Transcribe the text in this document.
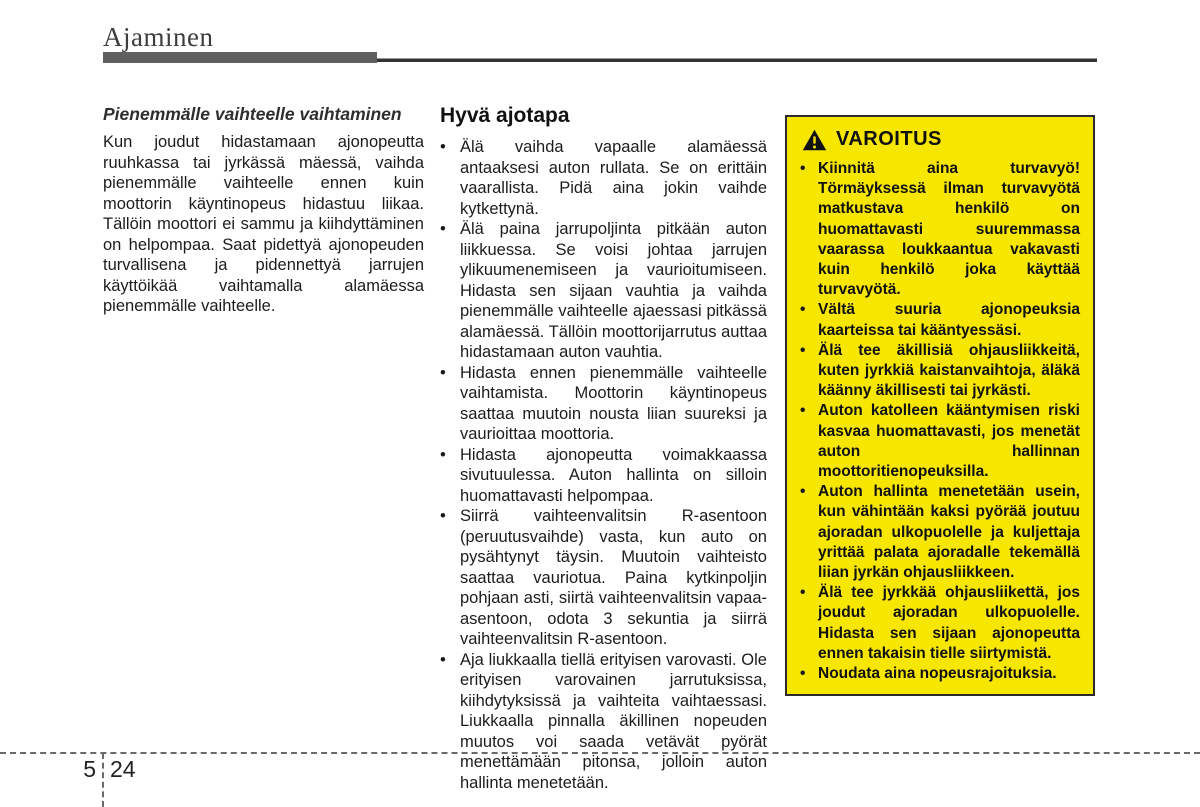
Ajaminen
Pienemmälle vaihteelle vaihtaminen

Kun joudut hidastamaan ajonopeutta ruuhkassa tai jyrkässä mäessä, vaihda pienemmälle vaihteelle ennen kuin moottorin käyntinopeus hidastuu liikaa. Tällöin moottori ei sammu ja kiihdyttäminen on helpompaa. Saat pidettyä ajonopeuden turvallisena ja pidennettyä jarrujen käyttöikää vaihtamalla alamäessa pienemmälle vaihteelle.

Hyvä ajotapa
• Älä vaihda vapaalle alamäessä antaaksesi auton rullata. Se on erittäin vaarallista. Pidä aina jokin vaihde kytkettynä.
• Älä paina jarrupoljinta pitkään auton liikkuessa. Se voisi johtaa jarrujen ylikuumenemiseen ja vaurioitumiseen. Hidasta sen sijaan vauhtia ja vaihda pienemmälle vaihteelle ajaessasi pitkässä alamäessä. Tällöin moottorijarrutus auttaa hidastamaan auton vauhtia.
• Hidasta ennen pienemmälle vaihteelle vaihtamista. Moottorin käyntinopeus saattaa muutoin nousta liian suureksi ja vaurioittaa moottoria.
• Hidasta ajonopeutta voimakkaassa sivutuulessa. Auton hallinta on silloin huomattavasti helpompaa.
• Siirrä vaihteenvalitsin R-asentoon (peruutusvaihde) vasta, kun auto on pysähtynyt täysin. Muutoin vaihteisto saattaa vauriotua. Paina kytkinpoljin pohjaan asti, siirtä vaihteenvalitsin vapaa-asentoon, odota 3 sekuntia ja siirrä vaihteenvalitsin R-asentoon.
• Aja liukkaalla tiellä erityisen varovasti. Ole erityisen varovainen jarrutuksissa, kiihdytyksissä ja vaihteita vaihtaessasi. Liukkaalla pinnalla äkillinen nopeuden muutos voi saada vetävät pyörät menettämään pitonsa, jolloin auton hallinta menetetään.
VAROITUS
• Kiinnitä aina turvavyö! Törmäyksessä ilman turvavyötä matkustava henkilö on huomattavasti suuremmassa vaarassa loukkaantua vakavasti kuin henkilö joka käyttää turvavyötä.
• Vältä suuria ajonopeuksia kaarteissa tai kääntyessäsi.
• Älä tee äkillisiä ohjausliikkeitä, kuten jyrkkiä kaistanvaihtoja, äläkä käänny äkillisesti tai jyrkästi.
• Auton katolleen kääntymisen riski kasvaa huomattavasti, jos menetät auton hallinnan moottoritienopeuksilla.
• Auton hallinta menetetään usein, kun vähintään kaksi pyörää joutuu ajoradan ulkopuolelle ja kuljettaja yrittää palata ajoradalle tekemällä liian jyrkän ohjausliikkeen.
• Älä tee jyrkkää ohjausliikettä, jos joudut ajoradan ulkopuolelle. Hidasta sen sijaan ajonopeutta ennen takaisin tielle siirtymistä.
• Noudata aina nopeusrajoituksia.
5 24
